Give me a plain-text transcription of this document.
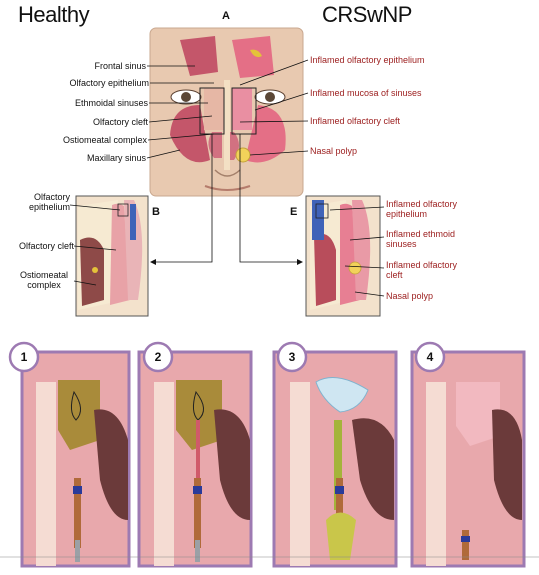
Healthy	CRSwNP
A
B	E
Frontal sinus
Olfactory epithelium
Ethmoidal sinuses
Olfactory cleft
Ostiomeatal complex
Maxillary sinus
Inflamed olfactory epithelium
Inflamed mucosa of sinuses
Inflamed olfactory cleft
Nasal polyp
Olfactory epithelium
Olfactory cleft
Ostiomeatal complex
Inflamed olfactory epithelium
Inflamed ethmoid sinuses
Inflamed olfactory cleft
Nasal polyp
1	2	3	4
